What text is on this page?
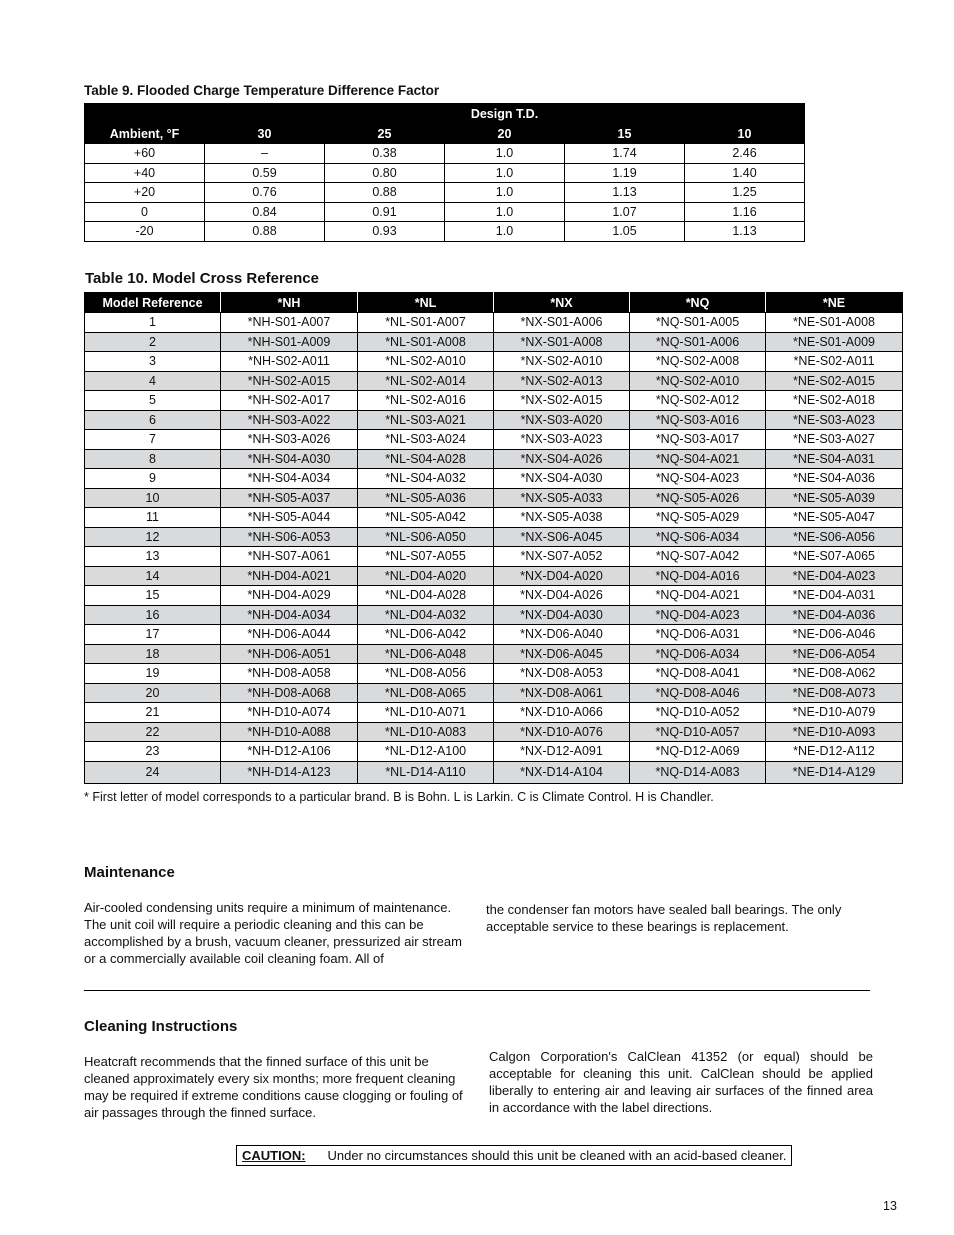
Table 9. Flooded Charge Temperature Difference Factor
Ambient, °F	Design T.D.				
	30	25	20	15	10
+60	–	0.38	1.0	1.74	2.46
+40	0.59	0.80	1.0	1.19	1.40
+20	0.76	0.88	1.0	1.13	1.25
0	0.84	0.91	1.0	1.07	1.16
-20	0.88	0.93	1.0	1.05	1.13
Table 10. Model Cross Reference
Model Reference	*NH	*NL	*NX	*NQ	*NE
1	*NH-S01-A007	*NL-S01-A007	*NX-S01-A006	*NQ-S01-A005	*NE-S01-A008
2	*NH-S01-A009	*NL-S01-A008	*NX-S01-A008	*NQ-S01-A006	*NE-S01-A009
3	*NH-S02-A011	*NL-S02-A010	*NX-S02-A010	*NQ-S02-A008	*NE-S02-A011
4	*NH-S02-A015	*NL-S02-A014	*NX-S02-A013	*NQ-S02-A010	*NE-S02-A015
5	*NH-S02-A017	*NL-S02-A016	*NX-S02-A015	*NQ-S02-A012	*NE-S02-A018
6	*NH-S03-A022	*NL-S03-A021	*NX-S03-A020	*NQ-S03-A016	*NE-S03-A023
7	*NH-S03-A026	*NL-S03-A024	*NX-S03-A023	*NQ-S03-A017	*NE-S03-A027
8	*NH-S04-A030	*NL-S04-A028	*NX-S04-A026	*NQ-S04-A021	*NE-S04-A031
9	*NH-S04-A034	*NL-S04-A032	*NX-S04-A030	*NQ-S04-A023	*NE-S04-A036
10	*NH-S05-A037	*NL-S05-A036	*NX-S05-A033	*NQ-S05-A026	*NE-S05-A039
11	*NH-S05-A044	*NL-S05-A042	*NX-S05-A038	*NQ-S05-A029	*NE-S05-A047
12	*NH-S06-A053	*NL-S06-A050	*NX-S06-A045	*NQ-S06-A034	*NE-S06-A056
13	*NH-S07-A061	*NL-S07-A055	*NX-S07-A052	*NQ-S07-A042	*NE-S07-A065
14	*NH-D04-A021	*NL-D04-A020	*NX-D04-A020	*NQ-D04-A016	*NE-D04-A023
15	*NH-D04-A029	*NL-D04-A028	*NX-D04-A026	*NQ-D04-A021	*NE-D04-A031
16	*NH-D04-A034	*NL-D04-A032	*NX-D04-A030	*NQ-D04-A023	*NE-D04-A036
17	*NH-D06-A044	*NL-D06-A042	*NX-D06-A040	*NQ-D06-A031	*NE-D06-A046
18	*NH-D06-A051	*NL-D06-A048	*NX-D06-A045	*NQ-D06-A034	*NE-D06-A054
19	*NH-D08-A058	*NL-D08-A056	*NX-D08-A053	*NQ-D08-A041	*NE-D08-A062
20	*NH-D08-A068	*NL-D08-A065	*NX-D08-A061	*NQ-D08-A046	*NE-D08-A073
21	*NH-D10-A074	*NL-D10-A071	*NX-D10-A066	*NQ-D10-A052	*NE-D10-A079
22	*NH-D10-A088	*NL-D10-A083	*NX-D10-A076	*NQ-D10-A057	*NE-D10-A093
23	*NH-D12-A106	*NL-D12-A100	*NX-D12-A091	*NQ-D12-A069	*NE-D12-A112
24	*NH-D14-A123	*NL-D14-A110	*NX-D14-A104	*NQ-D14-A083	*NE-D14-A129
* First letter of model corresponds to a particular brand. B is Bohn. L is Larkin. C is Climate Control. H is Chandler.
Maintenance
Air-cooled condensing units require a minimum of maintenance. The unit coil will require a periodic cleaning and this can be accomplished by a brush, vacuum cleaner, pressurized air stream or a commercially available coil cleaning foam. All of
the condenser fan motors have sealed ball bearings. The only acceptable service to these bearings is replacement.
Cleaning Instructions
Heatcraft recommends that the finned surface of this unit be cleaned approximately every six months; more frequent cleaning may be required if extreme conditions cause clogging or fouling of air passages through the finned surface.
Calgon Corporation's CalClean 41352 (or equal) should be acceptable for cleaning this unit. CalClean should be applied liberally to entering air and leaving air surfaces of the finned area in accordance with the label directions.
CAUTION: Under no circumstances should this unit be cleaned with an acid-based cleaner.
13
